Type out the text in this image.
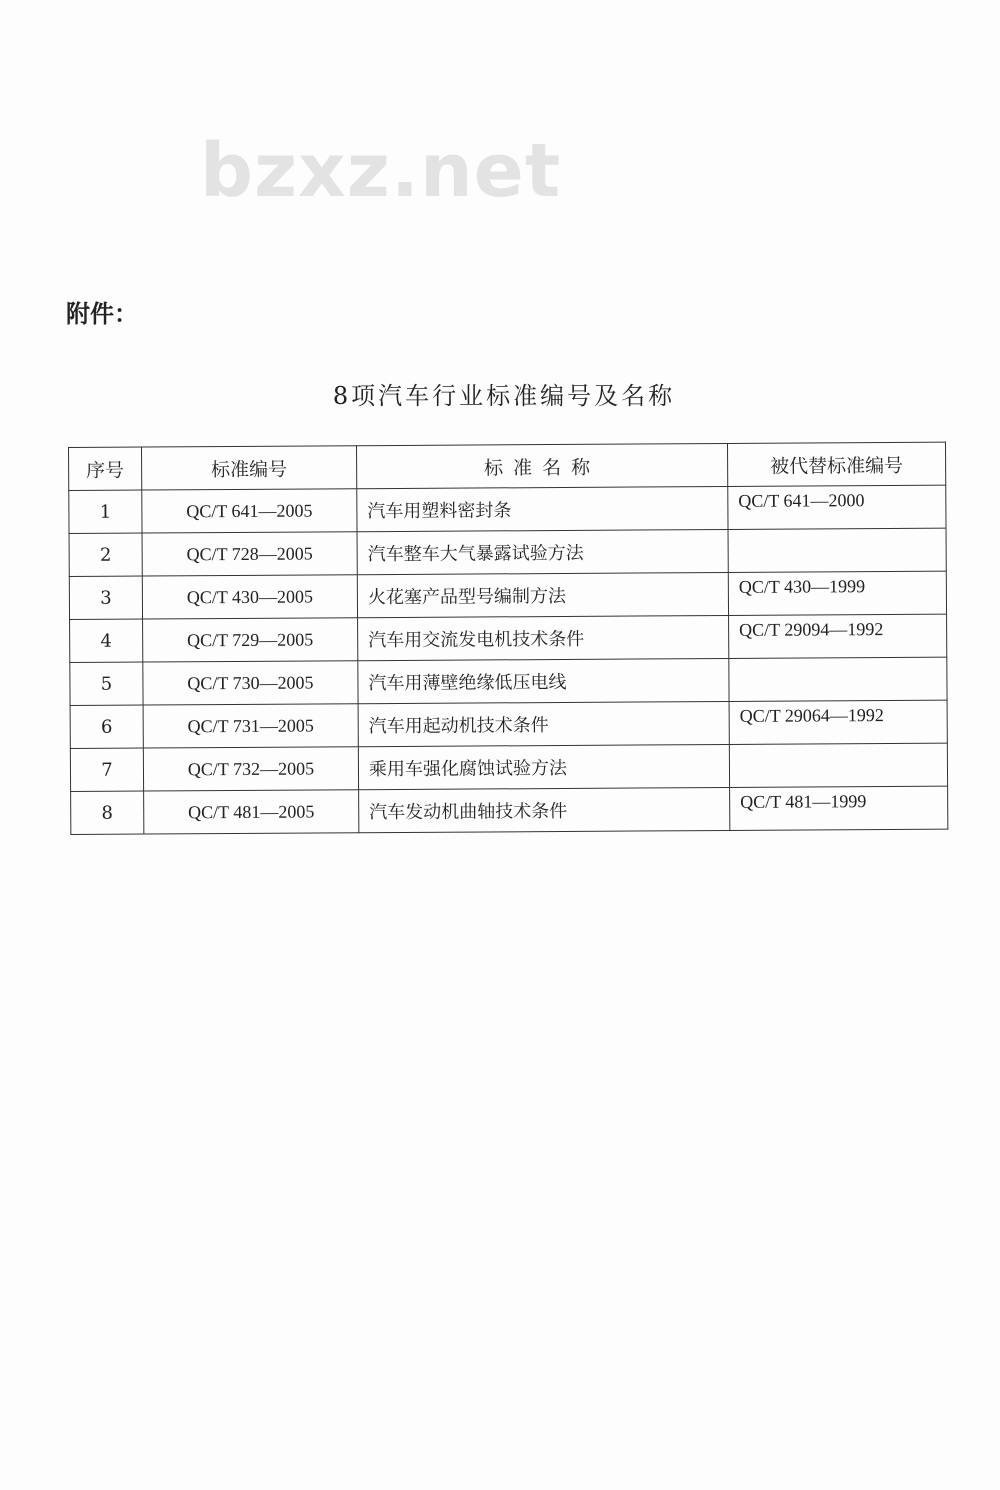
bzxz.net
附件：
8项汽车行业标准编号及名称
序号	标准编号	标准名称	被代替标准编号
1	QC/T 641—2005	汽车用塑料密封条	QC/T 641—2000
2	QC/T 728—2005	汽车整车大气暴露试验方法	
3	QC/T 430—2005	火花塞产品型号编制方法	QC/T 430—1999
4	QC/T 729—2005	汽车用交流发电机技术条件	QC/T 29094—1992
5	QC/T 730—2005	汽车用薄壁绝缘低压电线	
6	QC/T 731—2005	汽车用起动机技术条件	QC/T 29064—1992
7	QC/T 732—2005	乘用车强化腐蚀试验方法	
8	QC/T 481—2005	汽车发动机曲轴技术条件	QC/T 481—1999
